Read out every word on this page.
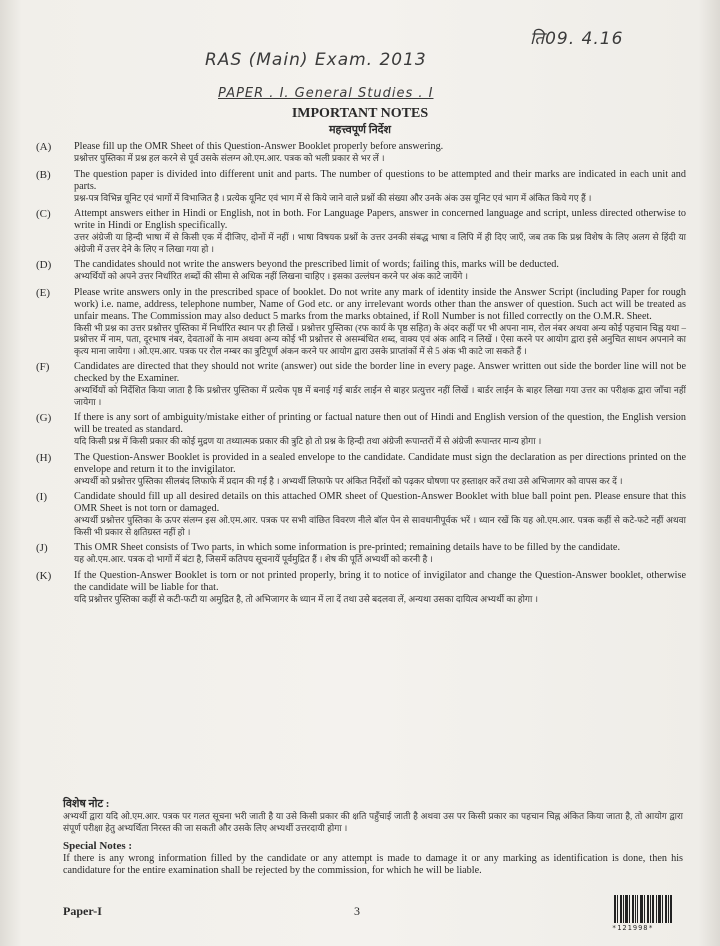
ति09. 4.16
RAS (Main) Exam. 2013
PAPER . I. General Studies . I
IMPORTANT NOTES
महत्त्वपूर्ण निर्देश
(A)	Please fill up the OMR Sheet of this Question-Answer Booklet properly before answering.
प्रश्नोत्तर पुस्तिका में प्रश्न हल करने से पूर्व उसके संलग्न ओ.एम.आर. पत्रक को भली प्रकार से भर लें ।
(B)	The question paper is divided into different unit and parts. The number of questions to be attempted and their marks are indicated in each unit and parts.
प्रश्न-पत्र विभिन्न यूनिट एवं भागों में विभाजित है । प्रत्येक यूनिट एवं भाग में से किये जाने वाले प्रश्नों की संख्या और उनके अंक उस यूनिट एवं भाग में अंकित किये गए हैं ।
(C)	Attempt answers either in Hindi or English, not in both. For Language Papers, answer in concerned language and script, unless directed otherwise to write in Hindi or English specifically.
उत्तर अंग्रेजी या हिन्दी भाषा में से किसी एक में दीजिए, दोनों में नहीं । भाषा विषयक प्रश्नों के उत्तर उनकी संबद्ध भाषा व लिपि में ही दिए जाएँ, जब तक कि प्रश्न विशेष के लिए अलग से हिंदी या अंग्रेजी में उत्तर देने के लिए न लिखा गया हो ।
(D)	The candidates should not write the answers beyond the prescribed limit of words; failing this, marks will be deducted.
अभ्यर्थियों को अपने उत्तर निर्धारित शब्दों की सीमा से अधिक नहीं लिखना चाहिए । इसका उल्लंघन करने पर अंक काटे जायेंगे ।
(E)	Please write answers only in the prescribed space of booklet. Do not write any mark of identity inside the Answer Script (including Paper for rough work) i.e. name, address, telephone number, Name of God etc. or any irrelevant words other than the answer of question. Such act will be treated as unfair means. The Commission may also deduct 5 marks from the marks obtained, if Roll Number is not filled correctly on the O.M.R. Sheet.
किसी भी प्रश्न का उत्तर प्रश्नोत्तर पुस्तिका में निर्धारित स्थान पर ही लिखें । प्रश्नोत्तर पुस्तिका (रफ कार्य के पृष्ठ सहित) के अंदर कहीं पर भी अपना नाम, रोल नंबर अथवा अन्य कोई पहचान चिह्न यथा – प्रश्नोत्तर में नाम, पता, दूरभाष नंबर, देवताओं के नाम अथवा अन्य कोई भी प्रश्नोत्तर से असम्बंधित शब्द, वाक्य एवं अंक आदि न लिखें । ऐसा करने पर आयोग द्वारा इसे अनुचित साधन अपनाने का कृत्य माना जायेगा । ओ.एम.आर. पत्रक पर रोल नम्बर का त्रुटिपूर्ण अंकन करने पर आयोग द्वारा उसके प्राप्तांकों में से 5 अंक भी काटे जा सकते हैं ।
(F)	Candidates are directed that they should not write (answer) out side the border line in every page. Answer written out side the border line will not be checked by the Examiner.
अभ्यर्थियों को निर्देशित किया जाता है कि प्रश्नोत्तर पुस्तिका में प्रत्येक पृष्ठ में बनाई गई बार्डर लाईन से बाहर प्रत्युत्तर नहीं लिखें । बार्डर लाईन के बाहर लिखा गया उत्तर का परीक्षक द्वारा जाँचा नहीं जायेगा ।
(G)	If there is any sort of ambiguity/mistake either of printing or factual nature then out of Hindi and English version of the question, the English version will be treated as standard.
यदि किसी प्रश्न में किसी प्रकार की कोई मुद्रण या तथ्यात्मक प्रकार की त्रुटि हो तो प्रश्न के हिन्दी तथा अंग्रेजी रूपान्तरों में से अंग्रेजी रूपान्तर मान्य होगा ।
(H)	The Question-Answer Booklet is provided in a sealed envelope to the candidate. Candidate must sign the declaration as per directions printed on the envelope and return it to the invigilator.
अभ्यर्थी को प्रश्नोत्तर पुस्तिका सीलबंद लिफाफे में प्रदान की गई है । अभ्यर्थी लिफाफे पर अंकित निर्देशों को पढ़कर घोषणा पर हस्ताक्षर करें तथा उसे अभिजागर को वापस कर दें ।
(I)	Candidate should fill up all desired details on this attached OMR sheet of Question-Answer Booklet with blue ball point pen. Please ensure that this OMR Sheet is not torn or damaged.
अभ्यर्थी प्रश्नोत्तर पुस्तिका के ऊपर संलग्न इस ओ.एम.आर. पत्रक पर सभी वांछित विवरण नीले बॉल पेन से सावधानीपूर्वक भरें । ध्यान रखें कि यह ओ.एम.आर. पत्रक कहीं से कटे-फटे नहीं अथवा किसी भी प्रकार से क्षतिग्रस्त नहीं हो ।
(J)	This OMR Sheet consists of Two parts, in which some information is pre-printed; remaining details have to be filled by the candidate.
यह ओ.एम.आर. पत्रक दो भागों में बंटा है, जिसमें कतिपय सूचनायें पूर्वमुद्रित हैं । शेष की पूर्ति अभ्यर्थी को करनी है ।
(K)	If the Question-Answer Booklet is torn or not printed properly, bring it to notice of invigilator and change the Question-Answer booklet, otherwise the candidate will be liable for that.
यदि प्रश्नोत्तर पुस्तिका कहीं से कटी-फटी या अमुद्रित है, तो अभिजागर के ध्यान में ला दें तथा उसे बदलवा लें, अन्यथा उसका दायित्व अभ्यर्थी का होगा ।
विशेष नोट :
अभ्यर्थी द्वारा यदि ओ.एम.आर. पत्रक पर गलत सूचना भरी जाती है या उसे किसी प्रकार की क्षति पहुँचाई जाती है अथवा उस पर किसी प्रकार का पहचान चिह्न अंकित किया जाता है, तो आयोग द्वारा संपूर्ण परीक्षा हेतु अभ्यर्थिता निरस्त की जा सकती और उसके लिए अभ्यर्थी उत्तरदायी होगा ।
Special Notes :
If there is any wrong information filled by the candidate or any attempt is made to damage it or any marking as identification is done, then his candidature for the entire examination shall be rejected by the commission, for which he will be liable.
Paper-I	3
*121998*
